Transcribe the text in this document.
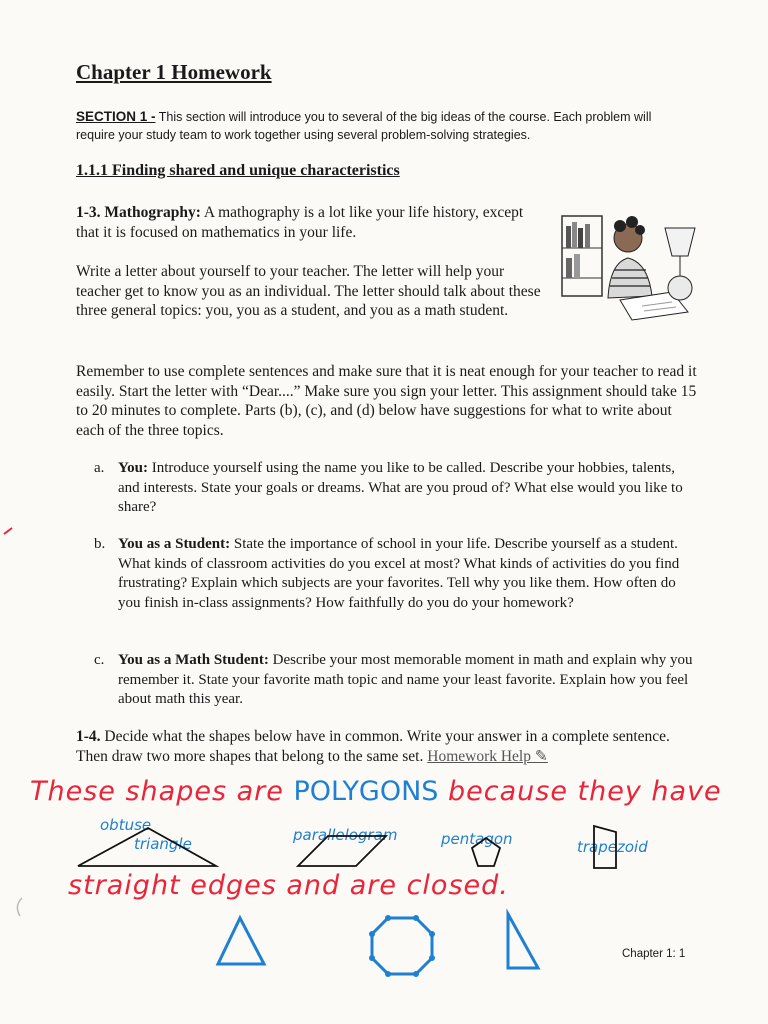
Chapter 1 Homework
SECTION 1 - This section will introduce you to several of the big ideas of the course. Each problem will require your study team to work together using several problem-solving strategies.
1.1.1 Finding shared and unique characteristics
1-3. Mathography: A mathography is a lot like your life history, except that it is focused on mathematics in your life.
Write a letter about yourself to your teacher. The letter will help your teacher get to know you as an individual. The letter should talk about these three general topics: you, you as a student, and you as a math student.
Remember to use complete sentences and make sure that it is neat enough for your teacher to read it easily. Start the letter with “Dear....” Make sure you sign your letter. This assignment should take 15 to 20 minutes to complete. Parts (b), (c), and (d) below have suggestions for what to write about each of the three topics.
a. You: Introduce yourself using the name you like to be called. Describe your hobbies, talents, and interests. State your goals or dreams. What are you proud of? What else would you like to share?
b. You as a Student: State the importance of school in your life. Describe yourself as a student. What kinds of classroom activities do you excel at most? What kinds of activities do you find frustrating? Explain which subjects are your favorites. Tell why you like them. How often do you finish in-class assignments? How faithfully do you do your homework?
c. You as a Math Student: Describe your most memorable moment in math and explain why you remember it. State your favorite math topic and name your least favorite. Explain how you feel about math this year.
1-4. Decide what the shapes below have in common. Write your answer in a complete sentence. Then draw two more shapes that belong to the same set. Homework Help ✎
These shapes are POLYGONS because they have
obtuse
triangle	parallelogram	pentagon	trapezoid
straight edges and are closed.
Chapter 1: 1
